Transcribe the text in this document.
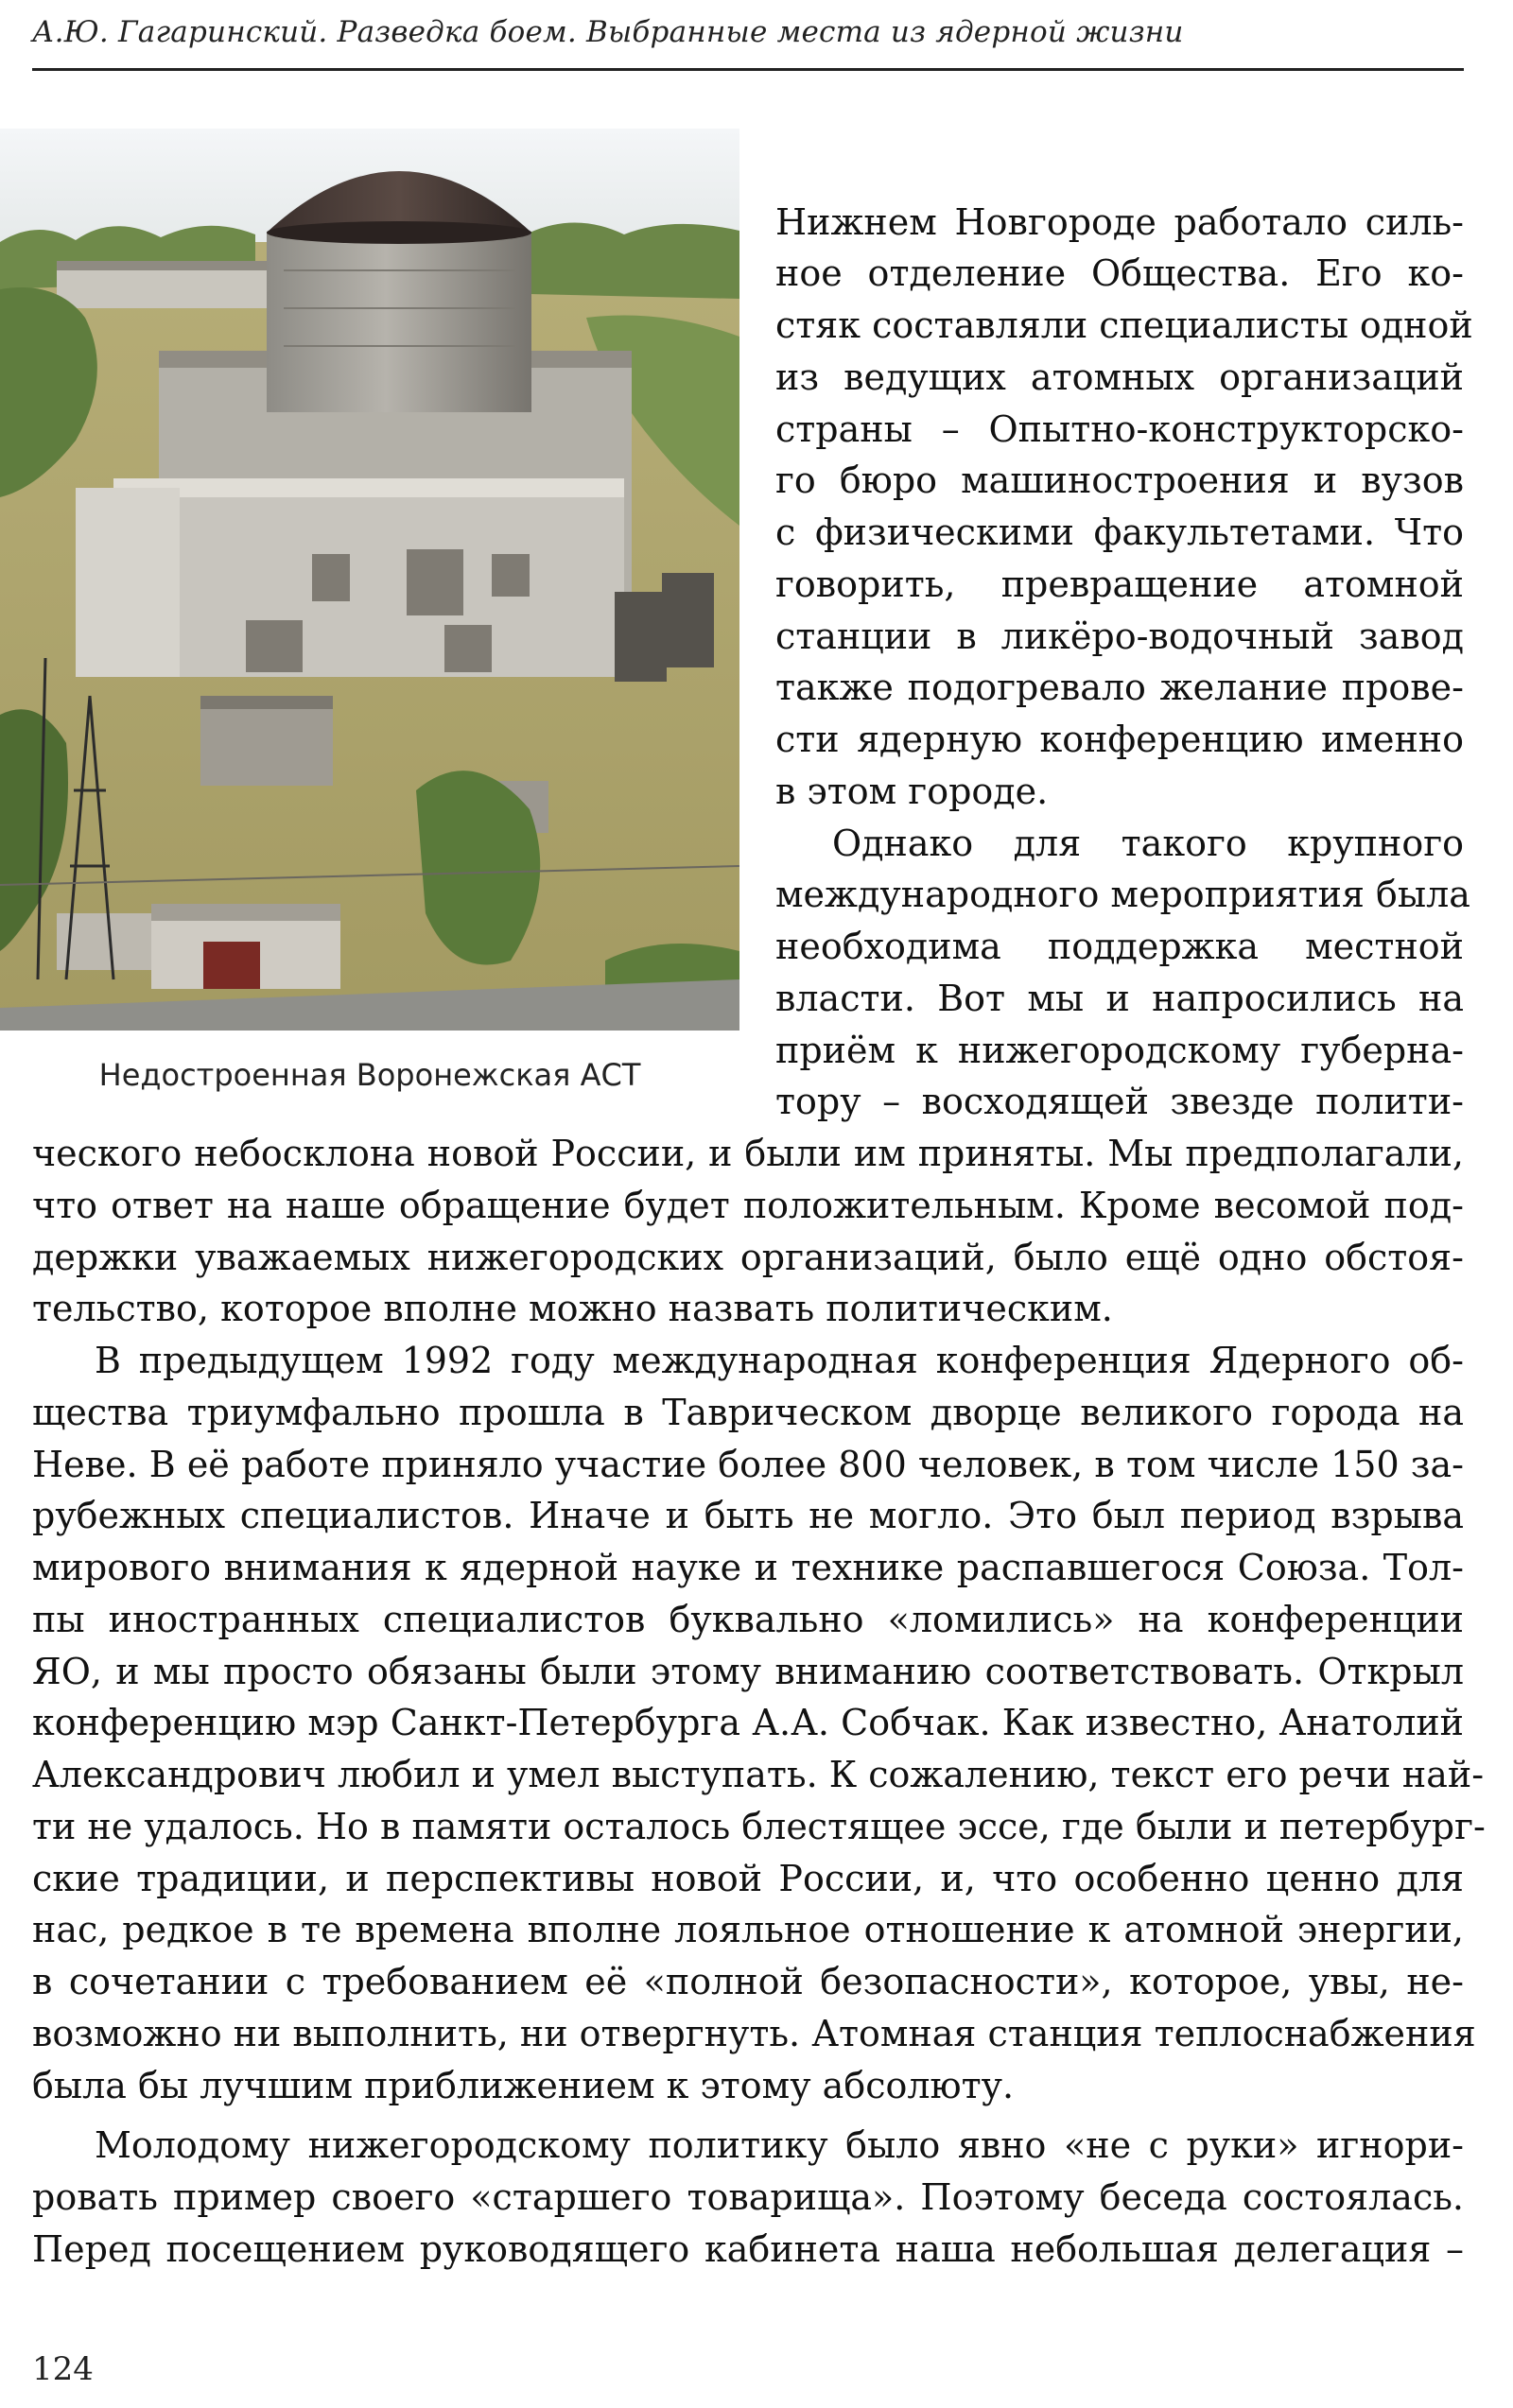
А.Ю. Гагаринский. Разведка боем. Выбранные места из ядерной жизни
Недостроенная Воронежская АСТ
Нижнем Новгороде работало силь-
ное отделение Общества. Его ко-
стяк составляли специалисты одной
из ведущих атомных организаций
страны – Опытно-конструкторско-
го бюро машиностроения и вузов
с физическими факультетами. Что
говорить, превращение атомной
станции в ликёро-водочный завод
также подогревало желание прове-
сти ядерную конференцию именно
в этом городе.
Однако для такого крупного
международного мероприятия была
необходима поддержка местной
власти. Вот мы и напросились на
приём к нижегородскому губерна-
тору – восходящей звезде полити-
ческого небосклона новой России, и были им приняты. Мы предполагали,
что ответ на наше обращение будет положительным. Кроме весомой под-
держки уважаемых нижегородских организаций, было ещё одно обстоя-
тельство, которое вполне можно назвать политическим.
В предыдущем 1992 году международная конференция Ядерного об-
щества триумфально прошла в Таврическом дворце великого города на
Неве. В её работе приняло участие более 800 человек, в том числе 150 за-
рубежных специалистов. Иначе и быть не могло. Это был период взрыва
мирового внимания к ядерной науке и технике распавшегося Союза. Тол-
пы иностранных специалистов буквально «ломились» на конференции
ЯО, и мы просто обязаны были этому вниманию соответствовать. Открыл
конференцию мэр Санкт-Петербурга А.А. Собчак. Как известно, Анатолий
Александрович любил и умел выступать. К сожалению, текст его речи най-
ти не удалось. Но в памяти осталось блестящее эссе, где были и петербург-
ские традиции, и перспективы новой России, и, что особенно ценно для
нас, редкое в те времена вполне лояльное отношение к атомной энергии,
в сочетании с требованием её «полной безопасности», которое, увы, не-
возможно ни выполнить, ни отвергнуть. Атомная станция теплоснабжения
была бы лучшим приближением к этому абсолюту.
Молодому нижегородскому политику было явно «не с руки» игнори-
ровать пример своего «старшего товарища». Поэтому беседа состоялась.
Перед посещением руководящего кабинета наша небольшая делегация –
124
